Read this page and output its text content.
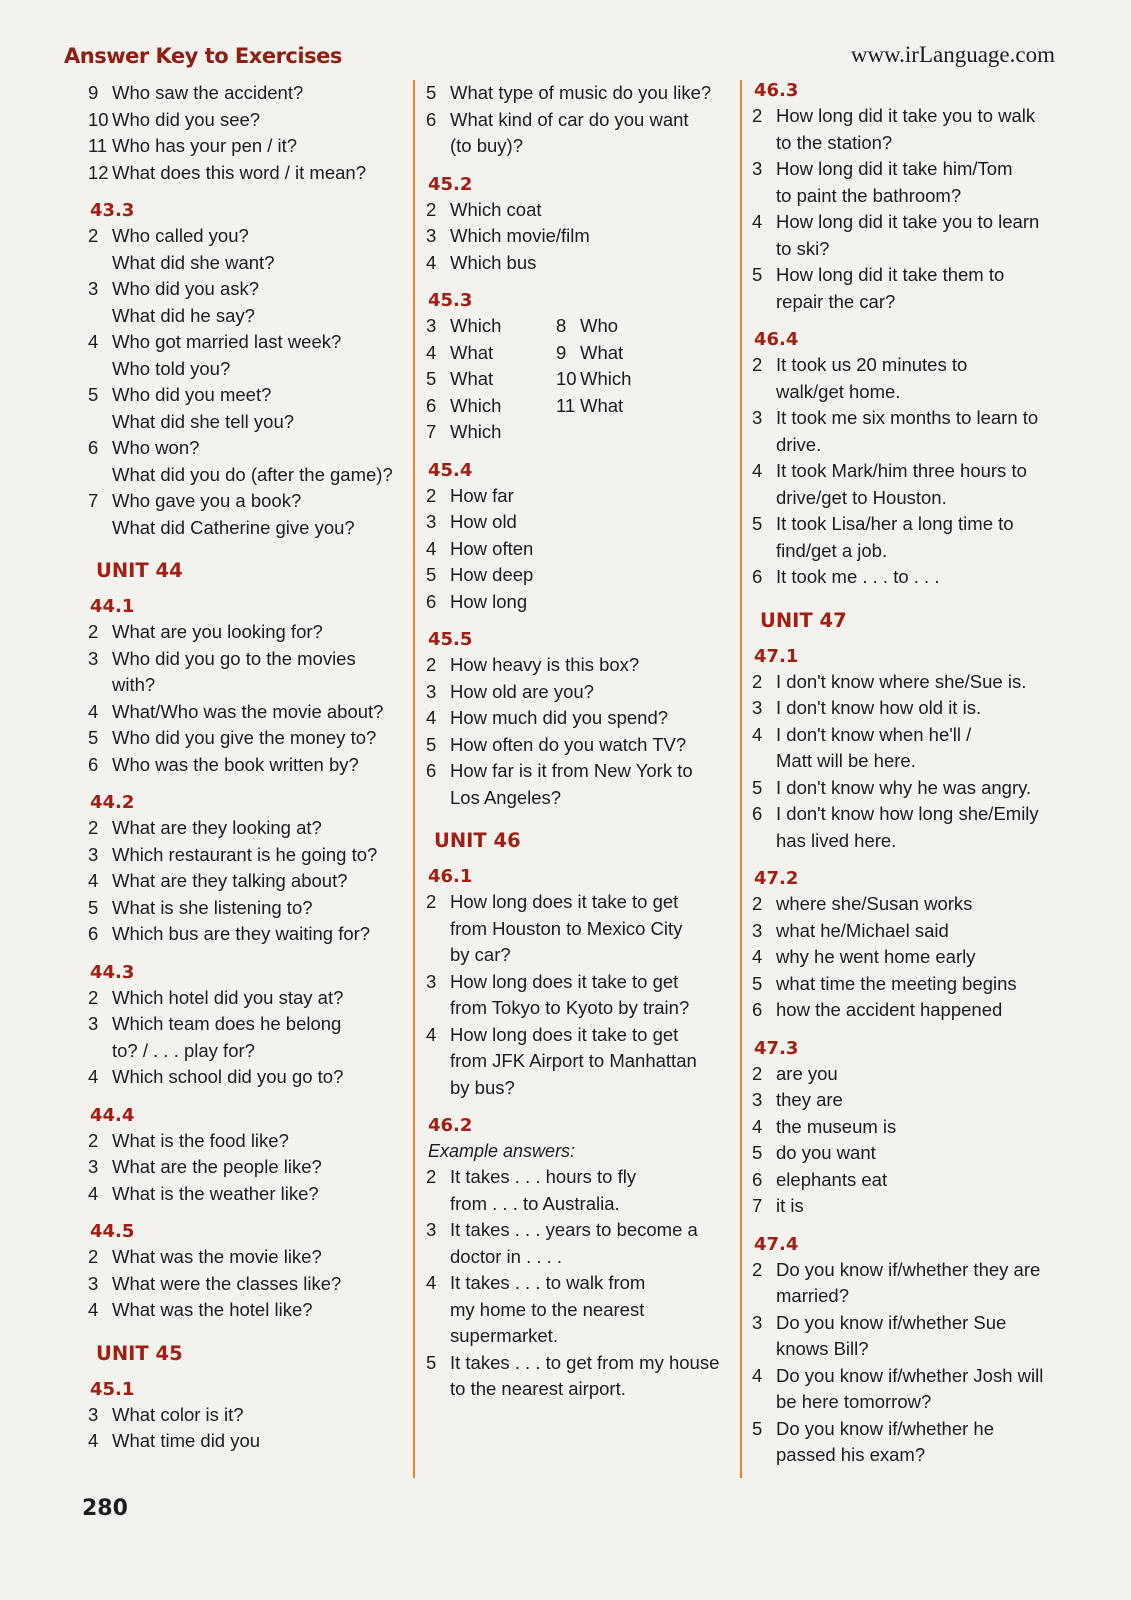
Answer Key to Exercises	www.irLanguage.com
9 Who saw the accident?
10 Who did you see?
11 Who has your pen / it?
12 What does this word / it mean?
43.3
2 Who called you?
What did she want?
3 Who did you ask?
What did he say?
4 Who got married last week?
Who told you?
5 Who did you meet?
What did she tell you?
6 Who won?
What did you do (after the game)?
7 Who gave you a book?
What did Catherine give you?
UNIT 44
44.1
2 What are you looking for?
3 Who did you go to the movies
with?
4 What/Who was the movie about?
5 Who did you give the money to?
6 Who was the book written by?
44.2
2 What are they looking at?
3 Which restaurant is he going to?
4 What are they talking about?
5 What is she listening to?
6 Which bus are they waiting for?
44.3
2 Which hotel did you stay at?
3 Which team does he belong
to? / . . . play for?
4 Which school did you go to?
44.4
2 What is the food like?
3 What are the people like?
4 What is the weather like?
44.5
2 What was the movie like?
3 What were the classes like?
4 What was the hotel like?
UNIT 45
45.1
3 What color is it?
4 What time did you
5 What type of music do you like?
6 What kind of car do you want
(to buy)?
45.2
2 Which coat
3 Which movie/film
4 Which bus
45.3
3 Which	8 Who
4 What	9 What
5 What	10 Which
6 Which	11 What
7 Which
45.4
2 How far
3 How old
4 How often
5 How deep
6 How long
45.5
2 How heavy is this box?
3 How old are you?
4 How much did you spend?
5 How often do you watch TV?
6 How far is it from New York to
Los Angeles?
UNIT 46
46.1
2 How long does it take to get
from Houston to Mexico City
by car?
3 How long does it take to get
from Tokyo to Kyoto by train?
4 How long does it take to get
from JFK Airport to Manhattan
by bus?
46.2
Example answers:
2 It takes . . . hours to fly
from . . . to Australia.
3 It takes . . . years to become a
doctor in . . . .
4 It takes . . . to walk from
my home to the nearest
supermarket.
5 It takes . . . to get from my house
to the nearest airport.
46.3
2 How long did it take you to walk
to the station?
3 How long did it take him/Tom
to paint the bathroom?
4 How long did it take you to learn
to ski?
5 How long did it take them to
repair the car?
46.4
2 It took us 20 minutes to
walk/get home.
3 It took me six months to learn to
drive.
4 It took Mark/him three hours to
drive/get to Houston.
5 It took Lisa/her a long time to
find/get a job.
6 It took me . . . to . . .
UNIT 47
47.1
2 I don't know where she/Sue is.
3 I don't know how old it is.
4 I don't know when he'll /
Matt will be here.
5 I don't know why he was angry.
6 I don't know how long she/Emily
has lived here.
47.2
2 where she/Susan works
3 what he/Michael said
4 why he went home early
5 what time the meeting begins
6 how the accident happened
47.3
2 are you
3 they are
4 the museum is
5 do you want
6 elephants eat
7 it is
47.4
2 Do you know if/whether they are
married?
3 Do you know if/whether Sue
knows Bill?
4 Do you know if/whether Josh will
be here tomorrow?
5 Do you know if/whether he
passed his exam?
280
